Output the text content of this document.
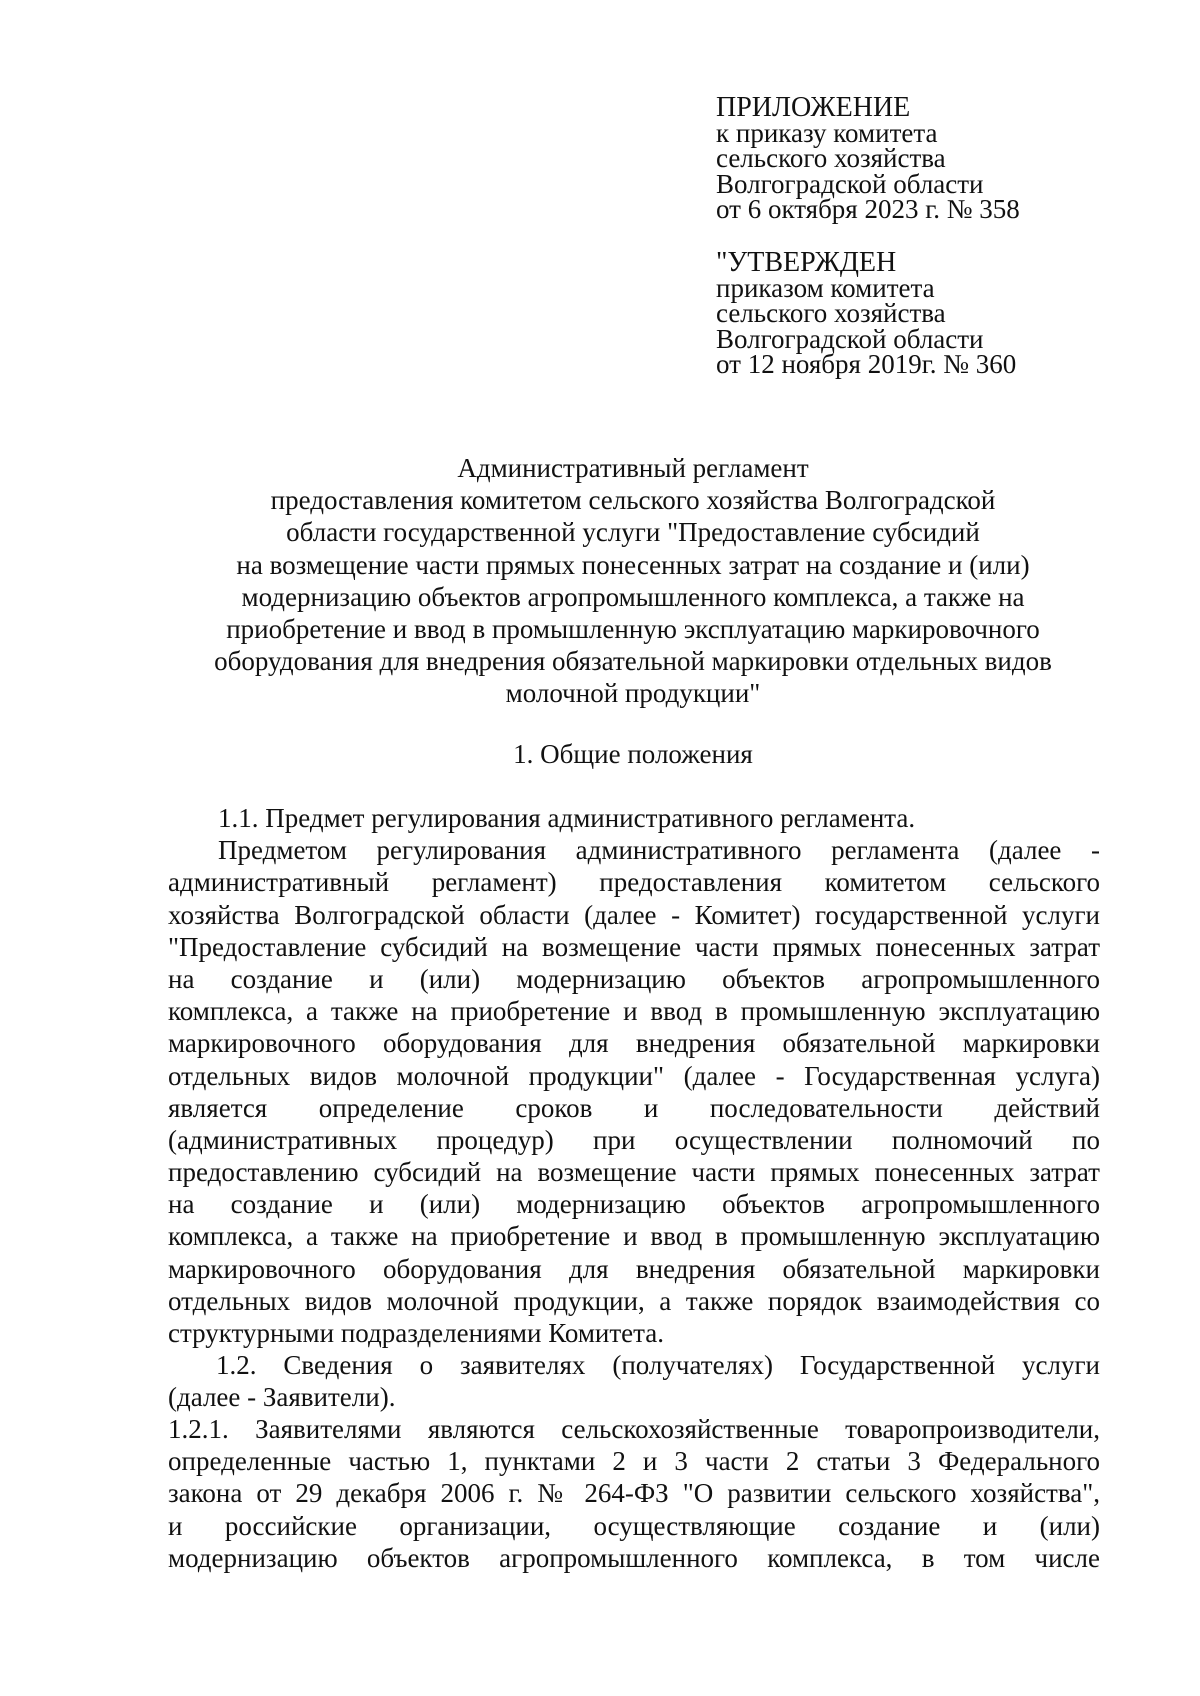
ПРИЛОЖЕНИЕ
к приказу комитета
сельского хозяйства
Волгоградской области
от 6 октября 2023 г. № 358
"УТВЕРЖДЕН
приказом комитета
сельского хозяйства
Волгоградской области
от 12 ноября 2019г. № 360
Административный регламент
предоставления комитетом сельского хозяйства Волгоградской
области государственной услуги "Предоставление субсидий
на возмещение части прямых понесенных затрат на создание и (или)
модернизацию объектов агропромышленного комплекса, а также на
приобретение и ввод в промышленную эксплуатацию маркировочного
оборудования для внедрения обязательной маркировки отдельных видов
молочной продукции"
1. Общие положения
1.1. Предмет регулирования административного регламента.
Предметом регулирования административного регламента (далее -
административный регламент) предоставления комитетом сельского
хозяйства Волгоградской области (далее - Комитет) государственной услуги
"Предоставление субсидий на возмещение части прямых понесенных затрат
на создание и (или) модернизацию объектов агропромышленного
комплекса, а также на приобретение и ввод в промышленную эксплуатацию
маркировочного оборудования для внедрения обязательной маркировки
отдельных видов молочной продукции" (далее - Государственная услуга)
является определение сроков и последовательности действий
(административных процедур) при осуществлении полномочий по
предоставлению субсидий на возмещение части прямых понесенных затрат
на создание и (или) модернизацию объектов агропромышленного
комплекса, а также на приобретение и ввод в промышленную эксплуатацию
маркировочного оборудования для внедрения обязательной маркировки
отдельных видов молочной продукции, а также порядок взаимодействия со
структурными подразделениями Комитета.
1.2. Сведения о заявителях (получателях) Государственной услуги
(далее - Заявители).
1.2.1. Заявителями являются сельскохозяйственные товаропроизводители,
определенные частью 1, пунктами 2 и 3 части 2 статьи 3 Федерального
закона от 29 декабря 2006 г. № 264-ФЗ "О развитии сельского хозяйства",
и российские организации, осуществляющие создание и (или)
модернизацию объектов агропромышленного комплекса, в том числе
